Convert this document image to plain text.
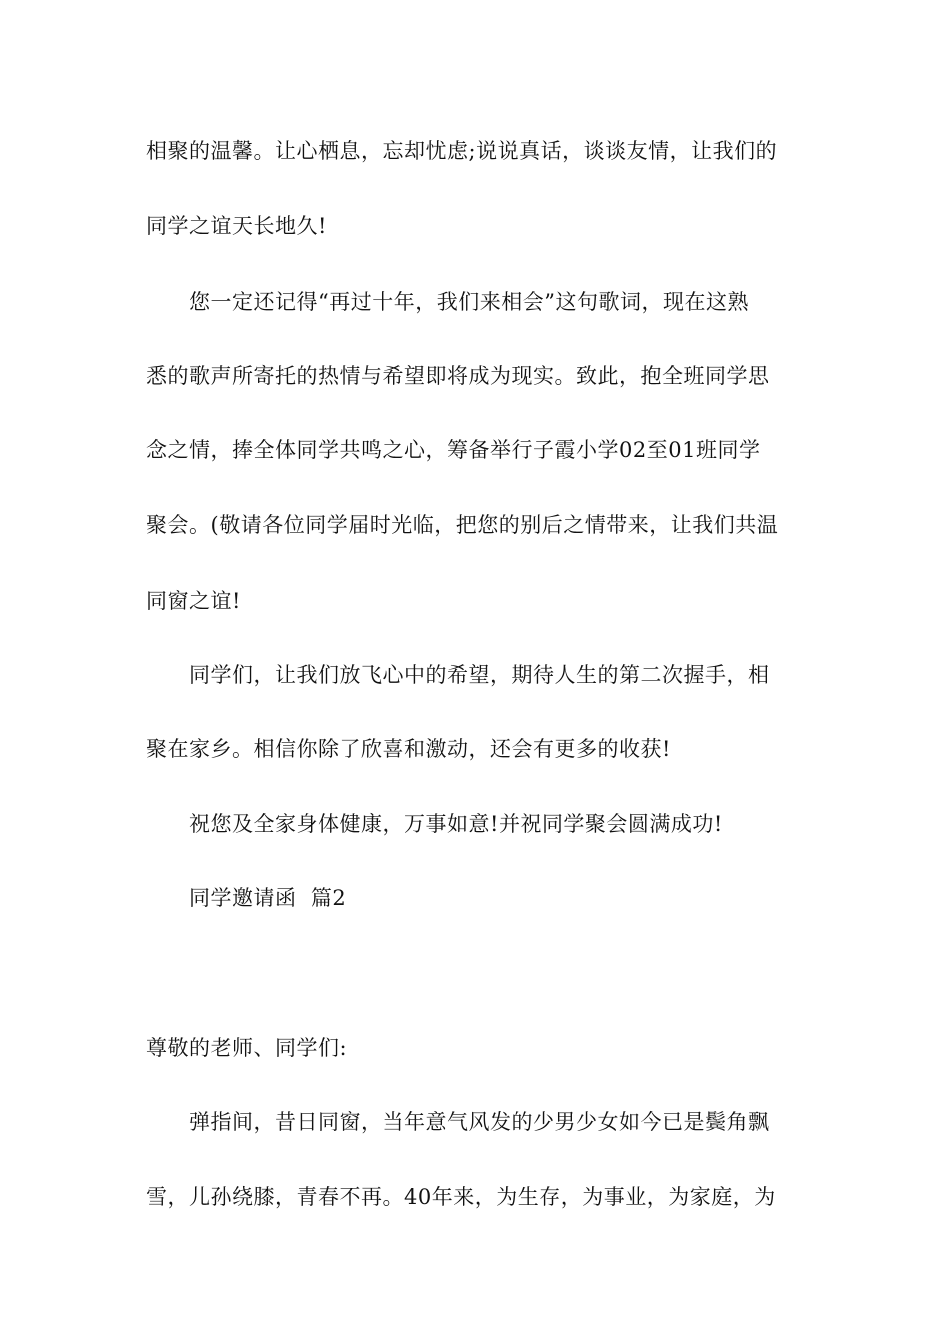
相聚的温馨。让心栖息，忘却忧虑;说说真话，谈谈友情，让我们的
同学之谊天长地久!
您一定还记得“再过十年，我们来相会”这句歌词，现在这熟
悉的歌声所寄托的热情与希望即将成为现实。致此，抱全班同学思
念之情，捧全体同学共鸣之心，筹备举行子霞小学02至01班同学
聚会。(敬请各位同学届时光临，把您的别后之情带来，让我们共温
同窗之谊!
同学们，让我们放飞心中的希望，期待人生的第二次握手，相
聚在家乡。相信你除了欣喜和激动，还会有更多的收获!
祝您及全家身体健康，万事如意!并祝同学聚会圆满成功!
同学邀请函  篇2
尊敬的老师、同学们:
弹指间，昔日同窗，当年意气风发的少男少女如今已是鬓角飘
雪，儿孙绕膝，青春不再。40年来，为生存，为事业，为家庭，为
